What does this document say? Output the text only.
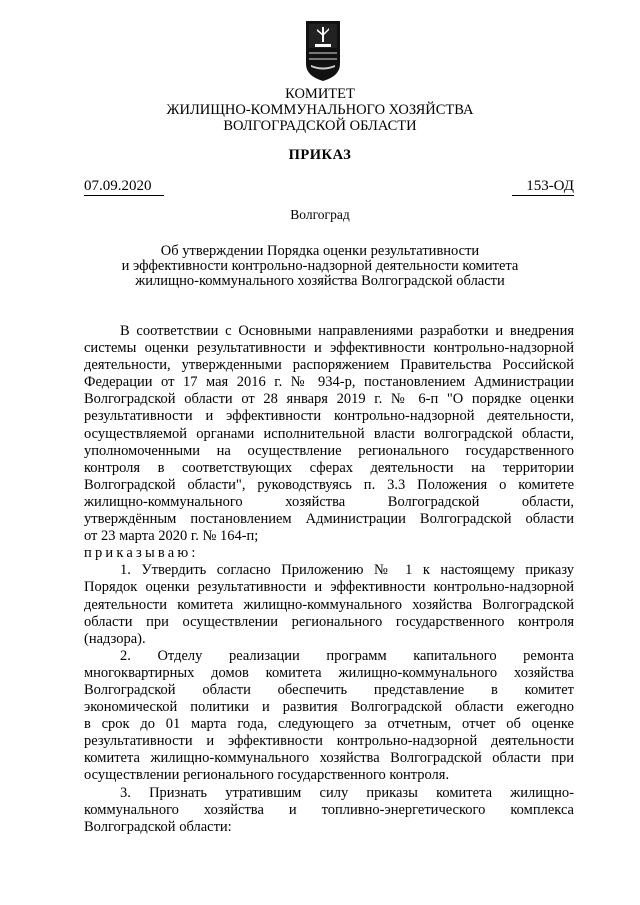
КОМИТЕТ
ЖИЛИЩНО-КОММУНАЛЬНОГО ХОЗЯЙСТВА
ВОЛГОГРАДСКОЙ ОБЛАСТИ
ПРИКАЗ
07.09.2020	153-ОД
Волгоград
Об утверждении Порядка оценки результативности
и эффективности контрольно-надзорной деятельности комитета
жилищно-коммунального хозяйства Волгоградской области
В соответствии с Основными направлениями разработки и внедрения
системы оценки результативности и эффективности контрольно-надзорной
деятельности, утвержденными распоряжением Правительства Российской
Федерации от 17 мая 2016 г. № 934-р, постановлением Администрации
Волгоградской области от 28 января 2019 г. № 6-п "О порядке оценки
результативности и эффективности контрольно-надзорной деятельности,
осуществляемой органами исполнительной власти волгоградской области,
уполномоченными на осуществление регионального государственного
контроля в соответствующих сферах деятельности на территории
Волгоградской области", руководствуясь п. 3.3 Положения о комитете
жилищно-коммунального хозяйства Волгоградской области,
утверждённым постановлением Администрации Волгоградской области
от 23 марта 2020 г. № 164-п;
приказываю:
1. Утвердить согласно Приложению № 1 к настоящему приказу
Порядок оценки результативности и эффективности контрольно-надзорной
деятельности комитета жилищно-коммунального хозяйства Волгоградской
области при осуществлении регионального государственного контроля
(надзора).
2. Отделу реализации программ капитального ремонта
многоквартирных домов комитета жилищно-коммунального хозяйства
Волгоградской области обеспечить представление в комитет
экономической политики и развития Волгоградской области ежегодно
в срок до 01 марта года, следующего за отчетным, отчет об оценке
результативности и эффективности контрольно-надзорной деятельности
комитета жилищно-коммунального хозяйства Волгоградской области при
осуществлении регионального государственного контроля.
3. Признать утратившим силу приказы комитета жилищно-
коммунального хозяйства и топливно-энергетического комплекса
Волгоградской области:
